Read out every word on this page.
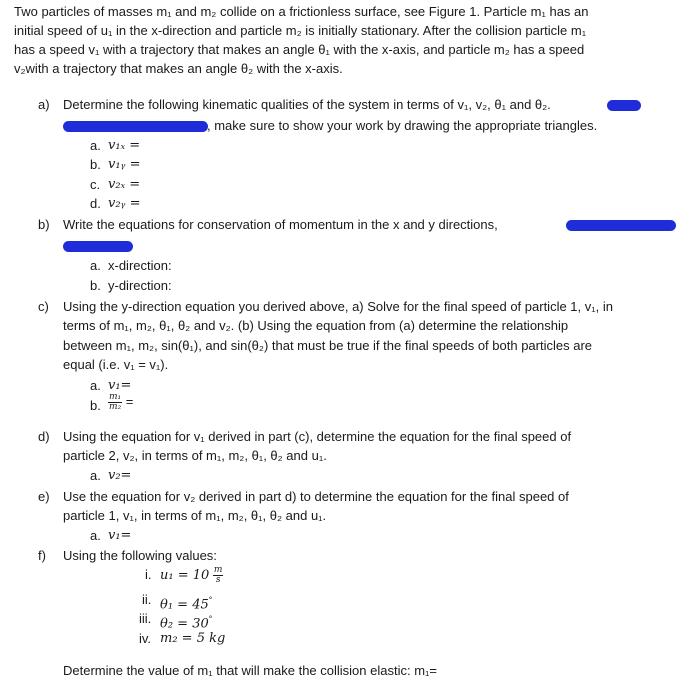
Two particles of masses m₁ and m₂ collide on a frictionless surface, see Figure 1. Particle m₁ has an
initial speed of u₁ in the x-direction and particle m₂ is initially stationary. After the collision particle m₁
has a speed v₁ with a trajectory that makes an angle θ₁ with the x-axis, and particle m₂ has a speed
v₂with a trajectory that makes an angle θ₂ with the x-axis.
a) Determine the following kinematic qualities of the system in terms of v₁, v₂, θ₁ and θ₂.
, make sure to show your work by drawing the appropriate triangles.
a. v₁ₓ =
b. v₁ᵧ =
c. v₂ₓ =
d. v₂ᵧ =
b) Write the equations for conservation of momentum in the x and y directions,
a. x-direction:
b. y-direction:
c) Using the y-direction equation you derived above, a) Solve for the final speed of particle 1, v₁, in
terms of m₁, m₂, θ₁, θ₂ and v₂. (b) Using the equation from (a) determine the relationship
between m₁, m₂, sin(θ₁), and sin(θ₂) that must be true if the final speeds of both particles are
equal (i.e. v₁ = v₁).
a. v₁=
b. $\frac{\text{m₁}}{\text{m₂}}$ =
d) Using the equation for v₁ derived in part (c), determine the equation for the final speed of
particle 2, v₂, in terms of m₁, m₂, θ₁, θ₂ and u₁.
a. v₂=
e) Use the equation for v₂ derived in part d) to determine the equation for the final speed of
particle 1, v₁, in terms of m₁, m₂, θ₁, θ₂ and u₁.
a. v₁=
f) Using the following values:
i. $u_1 = 10 \frac{m}{s}$
ii. θ₁ = 45°
iii. θ₂ = 30°
iv. m₂ = 5 kg
Determine the value of m₁ that will make the collision elastic: m₁=
